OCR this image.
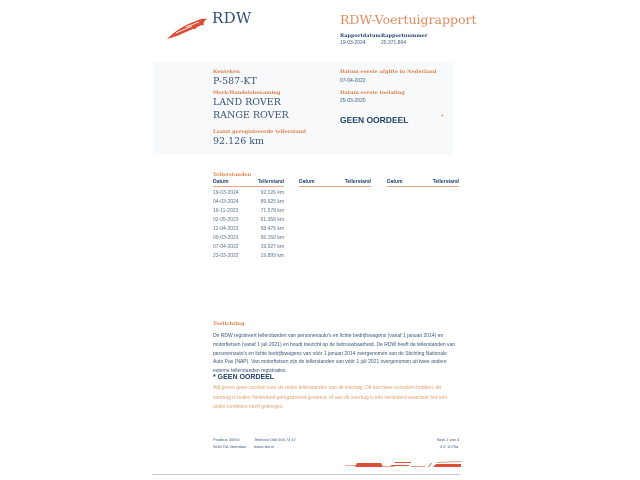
RDW	RDW-Voertuigrapport
Rapportdatum
19-03-2024
Rapportnummer
25.371.864
Kenteken
P-587-KT
Merk/Handelsbenaming
LAND ROVER
RANGE ROVER
Laatst geregistreerde tellerstand
92.126 km
Datum eerste afgifte in Nederland
07-04-2022
Datum eerste toelating
25-03-2020
GEEN OORDEEL	*
Tellerstanden
Datum	Tellerstand	Datum	Tellerstand	Datum	Tellerstand
19-03-2024	92.126 km
04-03-2024	89.625 km
16-11-2023	71.578 km
02-05-2023	61.358 km
12-04-2023	58.475 km
09-03-2023	56.150 km
07-04-2022	19.927 km
23-03-2022	19.899 km
Toelichting
De RDW registreert tellerstanden van personenauto's en lichte bedrijfswagens (vanaf 1 januari 2014) en motorfietsen (vanaf 1 juli 2021) en houdt toezicht op de betrouwbaarheid. De RDW heeft de tellerstanden van personenauto's en lichte bedrijfswagens van vóór 1 januari 2014 overgenomen van de Stichting Nationale Auto Pas (NAP). Van motorfietsen zijn de tellerstanden van vóór 1 juli 2021 overgenomen uit twee andere externe tellerstanden registraties.
* GEEN OORDEEL
Wij geven geen oordeel over de reeks tellerstanden van dit voertuig. Dit kan twee oorzaken hebben: dit voertuig is buiten Nederland geregistreerd geweest, of aan dit voertuig is iets veranderd waardoor het een ander kenteken heeft gekregen.
Postbus 30000
9640 RA Veendam
Telefoon 088 008 74 47
www.rdw.nl
Blad 1 van 3
3 E 1075a
